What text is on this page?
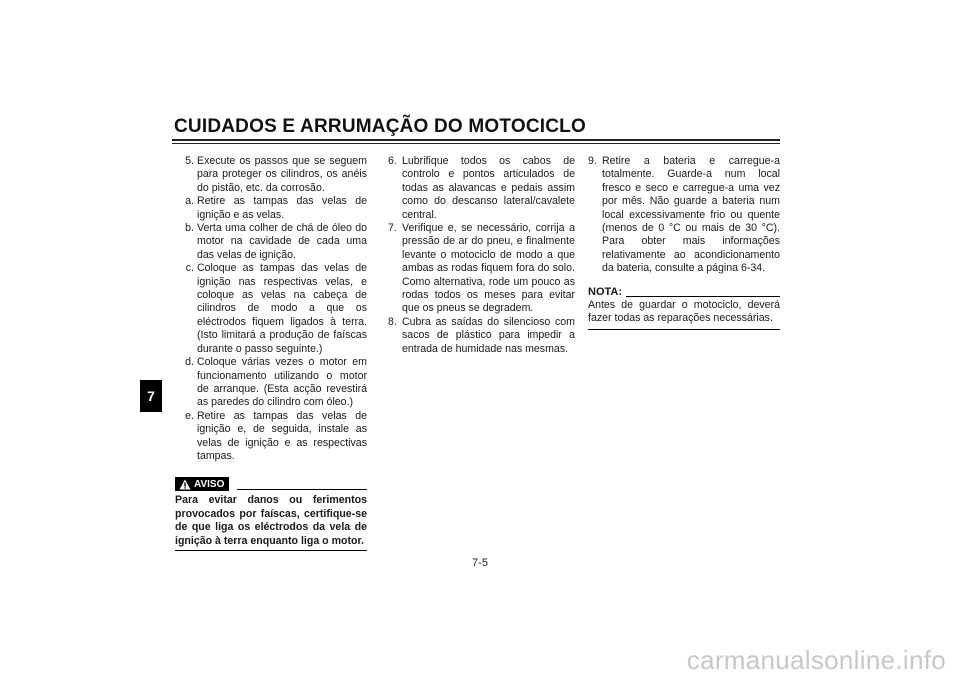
CUIDADOS E ARRUMAÇÃO DO MOTOCICLO
7
5. Execute os passos que se seguem para proteger os cilindros, os anéis do pistão, etc. da corrosão.
a. Retire as tampas das velas de ignição e as velas.
b. Verta uma colher de chá de óleo do motor na cavidade de cada uma das velas de ignição.
c. Coloque as tampas das velas de ignição nas respectivas velas, e coloque as velas na cabeça de cilindros de modo a que os eléctrodos fiquem ligados à terra. (Isto limitará a produção de faíscas durante o passo seguinte.)
d. Coloque várias vezes o motor em funcionamento utilizando o motor de arranque. (Esta acção revestirá as paredes do cilindro com óleo.)
e. Retire as tampas das velas de ignição e, de seguida, instale as velas de ignição e as respectivas tampas.
AVISO
Para evitar danos ou ferimentos provocados por faíscas, certifique-se de que liga os eléctrodos da vela de ignição à terra enquanto liga o motor.
6. Lubrifique todos os cabos de controlo e pontos articulados de todas as alavancas e pedais assim como do descanso lateral/cavalete central.
7. Verifique e, se necessário, corrija a pressão de ar do pneu, e finalmente levante o motociclo de modo a que ambas as rodas fiquem fora do solo. Como alternativa, rode um pouco as rodas todos os meses para evitar que os pneus se degradem.
8. Cubra as saídas do silencioso com sacos de plástico para impedir a entrada de humidade nas mesmas.
9. Retire a bateria e carregue-a totalmente. Guarde-a num local fresco e seco e carregue-a uma vez por mês. Não guarde a bateria num local excessivamente frio ou quente (menos de 0 °C ou mais de 30 °C). Para obter mais informações relativamente ao acondicionamento da bateria, consulte a página 6-34.
NOTA:
Antes de guardar o motociclo, deverá fazer todas as reparações necessárias.
7-5
carmanualsonline.info
